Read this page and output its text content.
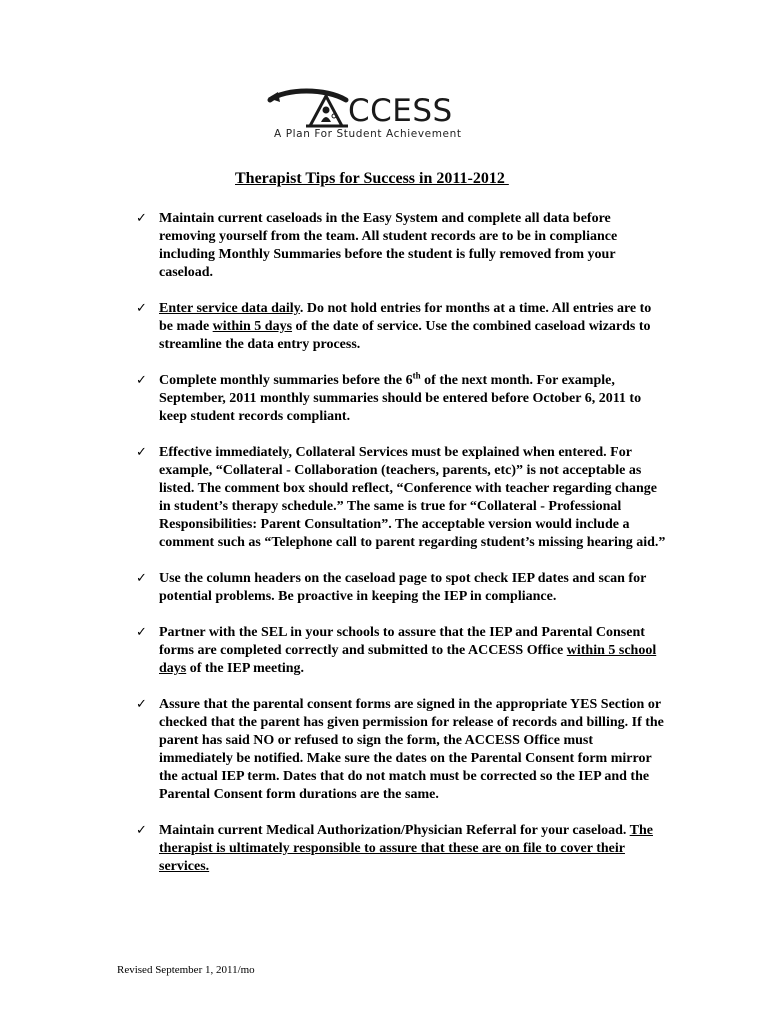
CCESS
A Plan For Student Achievement
Therapist Tips for Success in 2011-2012
✓ Maintain current caseloads in the Easy System and complete all data before removing yourself from the team. All student records are to be in compliance including Monthly Summaries before the student is fully removed from your caseload.
✓ Enter service data daily. Do not hold entries for months at a time. All entries are to be made within 5 days of the date of service. Use the combined caseload wizards to streamline the data entry process.
✓ Complete monthly summaries before the 6th of the next month. For example, September, 2011 monthly summaries should be entered before October 6, 2011 to keep student records compliant.
✓ Effective immediately, Collateral Services must be explained when entered. For example, “Collateral - Collaboration (teachers, parents, etc)” is not acceptable as listed. The comment box should reflect, “Conference with teacher regarding change in student’s therapy schedule.” The same is true for “Collateral - Professional Responsibilities: Parent Consultation”. The acceptable version would include a comment such as “Telephone call to parent regarding student’s missing hearing aid.”
✓ Use the column headers on the caseload page to spot check IEP dates and scan for potential problems. Be proactive in keeping the IEP in compliance.
✓ Partner with the SEL in your schools to assure that the IEP and Parental Consent forms are completed correctly and submitted to the ACCESS Office within 5 school days of the IEP meeting.
✓ Assure that the parental consent forms are signed in the appropriate YES Section or checked that the parent has given permission for release of records and billing. If the parent has said NO or refused to sign the form, the ACCESS Office must immediately be notified. Make sure the dates on the Parental Consent form mirror the actual IEP term. Dates that do not match must be corrected so the IEP and the Parental Consent form durations are the same.
✓ Maintain current Medical Authorization/Physician Referral for your caseload. The therapist is ultimately responsible to assure that these are on file to cover their services.
Revised September 1, 2011/mo
